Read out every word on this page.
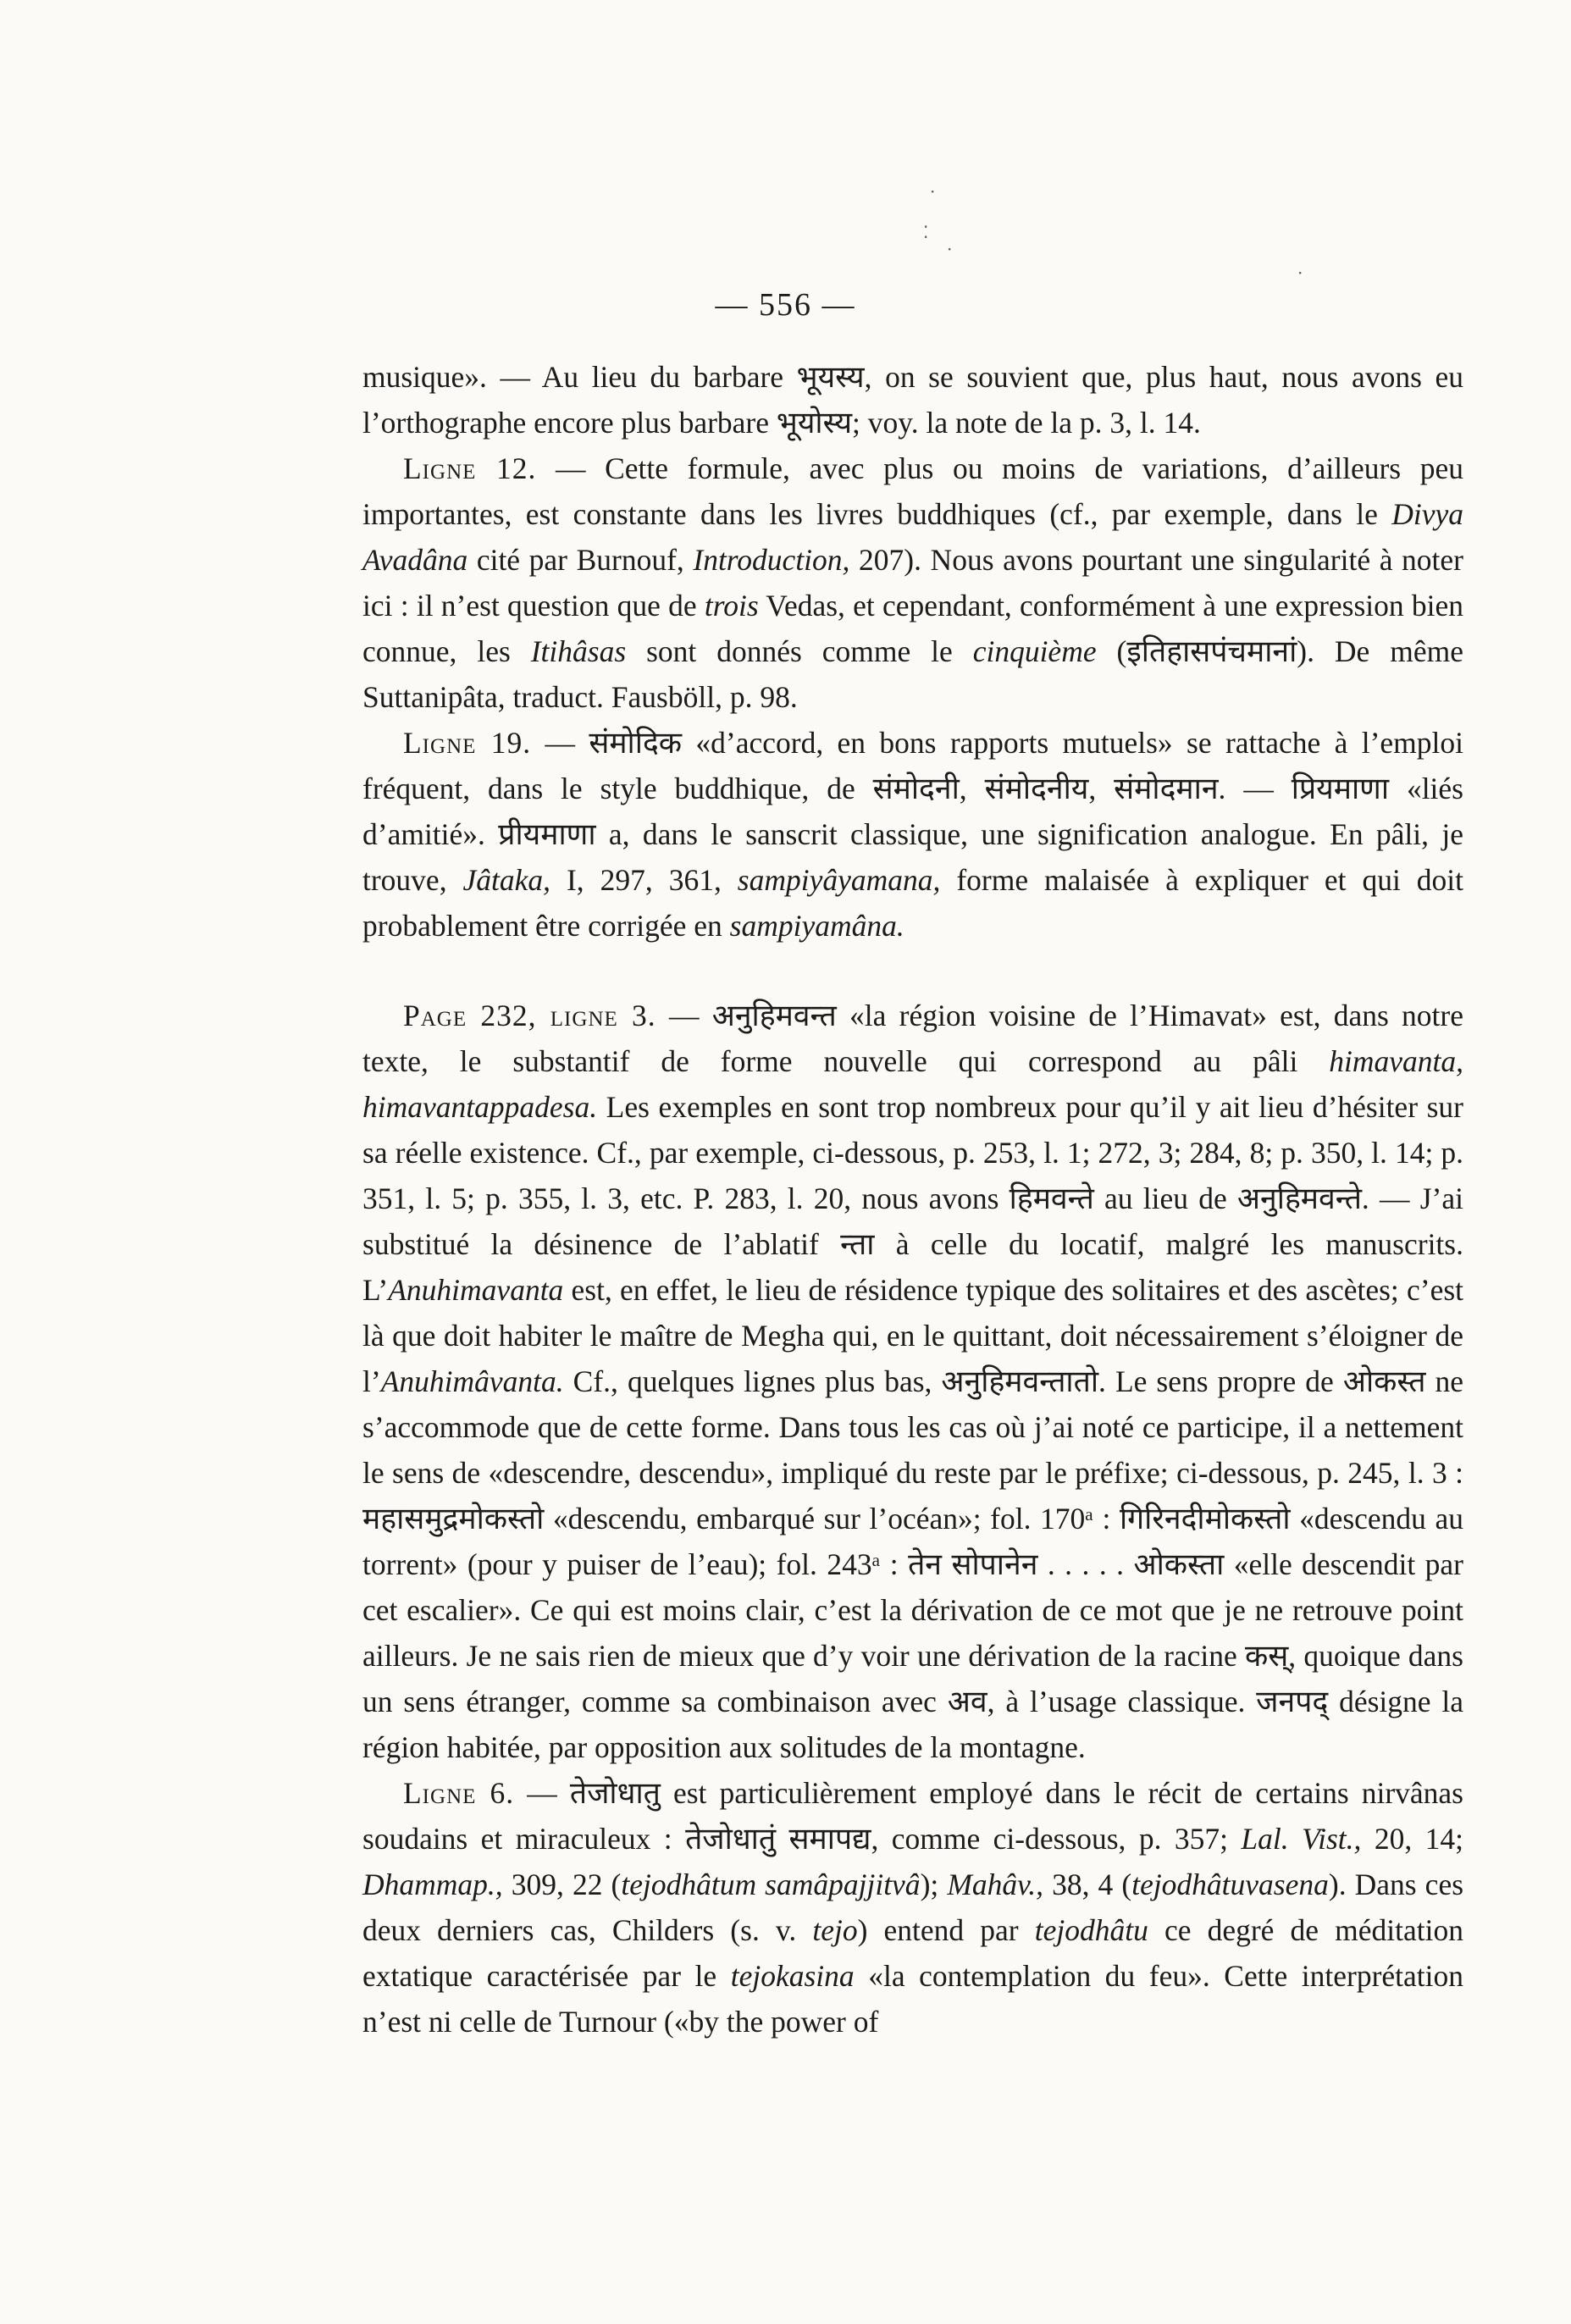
·
⁚
·
·
— 556 —

musique». — Au lieu du barbare भूयस्य, on se souvient que, plus haut, nous avons eu l’orthographe encore plus barbare भूयोस्य; voy. la note de la p. 3, l. 14.

Ligne 12. — Cette formule, avec plus ou moins de variations, d’ailleurs peu importantes, est constante dans les livres buddhiques (cf., par exemple, dans le Divya Avadâna cité par Burnouf, Introduction, 207). Nous avons pourtant une singularité à noter ici : il n’est question que de trois Vedas, et cependant, conformément à une expression bien connue, les Itihâsas sont donnés comme le cinquième (इतिहासपंचमानां). De même Suttanipâta, traduct. Fausböll, p. 98.

Ligne 19. — संमोदिक «d’accord, en bons rapports mutuels» se rattache à l’emploi fréquent, dans le style buddhique, de संमोदनी, संमोदनीय, संमोदमान. — प्रियमाणा «liés d’amitié». प्रीयमाणा a, dans le sanscrit classique, une signification analogue. En pâli, je trouve, Jâtaka, I, 297, 361, sampiyâyamana, forme malaisée à expliquer et qui doit probablement être corrigée en sampiyamâna.

Page 232, ligne 3. — अनुहिमवन्त «la région voisine de l’Himavat» est, dans notre texte, le substantif de forme nouvelle qui correspond au pâli himavanta, himavantappadesa. Les exemples en sont trop nombreux pour qu’il y ait lieu d’hésiter sur sa réelle existence. Cf., par exemple, ci-dessous, p. 253, l. 1; 272, 3; 284, 8; p. 350, l. 14; p. 351, l. 5; p. 355, l. 3, etc. P. 283, l. 20, nous avons हिमवन्ते au lieu de अनुहिमवन्ते. — J’ai substitué la désinence de l’ablatif न्ता à celle du locatif, malgré les manuscrits. L’Anuhimavanta est, en effet, le lieu de résidence typique des solitaires et des ascètes; c’est là que doit habiter le maître de Megha qui, en le quittant, doit nécessairement s’éloigner de l’Anuhimâvanta. Cf., quelques lignes plus bas, अनुहिमवन्तातो. Le sens propre de ओकस्त ne s’accommode que de cette forme. Dans tous les cas où j’ai noté ce participe, il a nettement le sens de «descendre, descendu», impliqué du reste par le préfixe; ci-dessous, p. 245, l. 3 : महासमुद्रमोकस्तो «descendu, embarqué sur l’océan»; fol. 170ᵃ : गिरिनदीमोकस्तो «descendu au torrent» (pour y puiser de l’eau); fol. 243ᵃ : तेन सोपानेन . . . . . ओकस्ता «elle descendit par cet escalier». Ce qui est moins clair, c’est la dérivation de ce mot que je ne retrouve point ailleurs. Je ne sais rien de mieux que d’y voir une dérivation de la racine कस्, quoique dans un sens étranger, comme sa combinaison avec अव, à l’usage classique. जनपद् désigne la région habitée, par opposition aux solitudes de la montagne.

Ligne 6. — तेजोधातु est particulièrement employé dans le récit de certains nirvânas soudains et miraculeux : तेजोधातुं समापद्य, comme ci-dessous, p. 357; Lal. Vist., 20, 14; Dhammap., 309, 22 (tejodhâtum samâpajjitvâ); Mahâv., 38, 4 (tejodhâtuvasena). Dans ces deux derniers cas, Childers (s. v. tejo) entend par tejodhâtu ce degré de méditation extatique caractérisée par le tejokasina «la contemplation du feu». Cette interprétation n’est ni celle de Turnour («by the power of
